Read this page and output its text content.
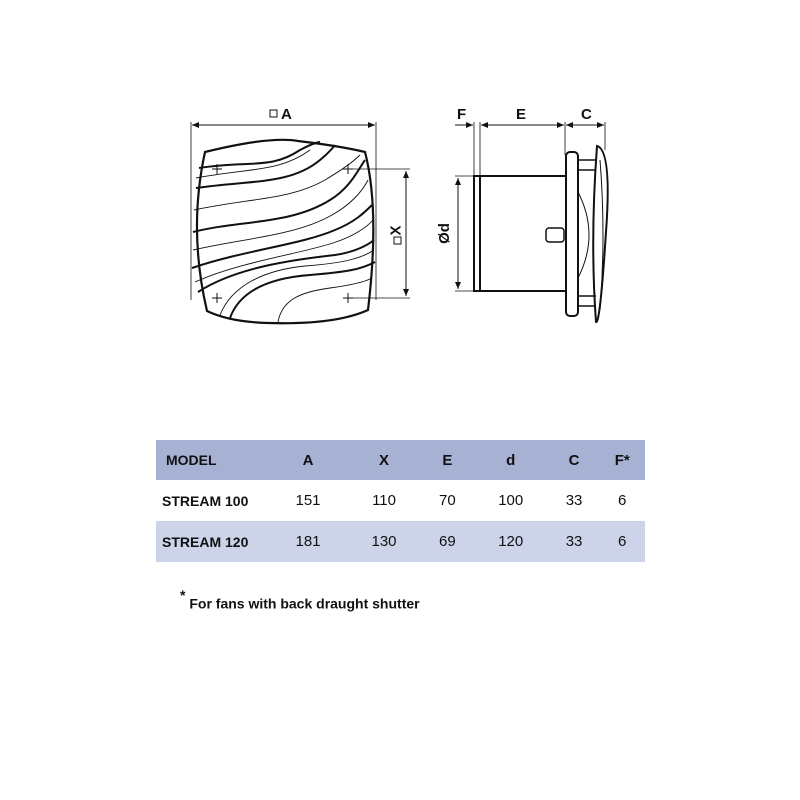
A
X
F	E	C
Ød
MODEL	A	X	E	d	C	F*
STREAM 100	151	110	70	100	33	6
STREAM 120	181	130	69	120	33	6
* For fans with back draught shutter
